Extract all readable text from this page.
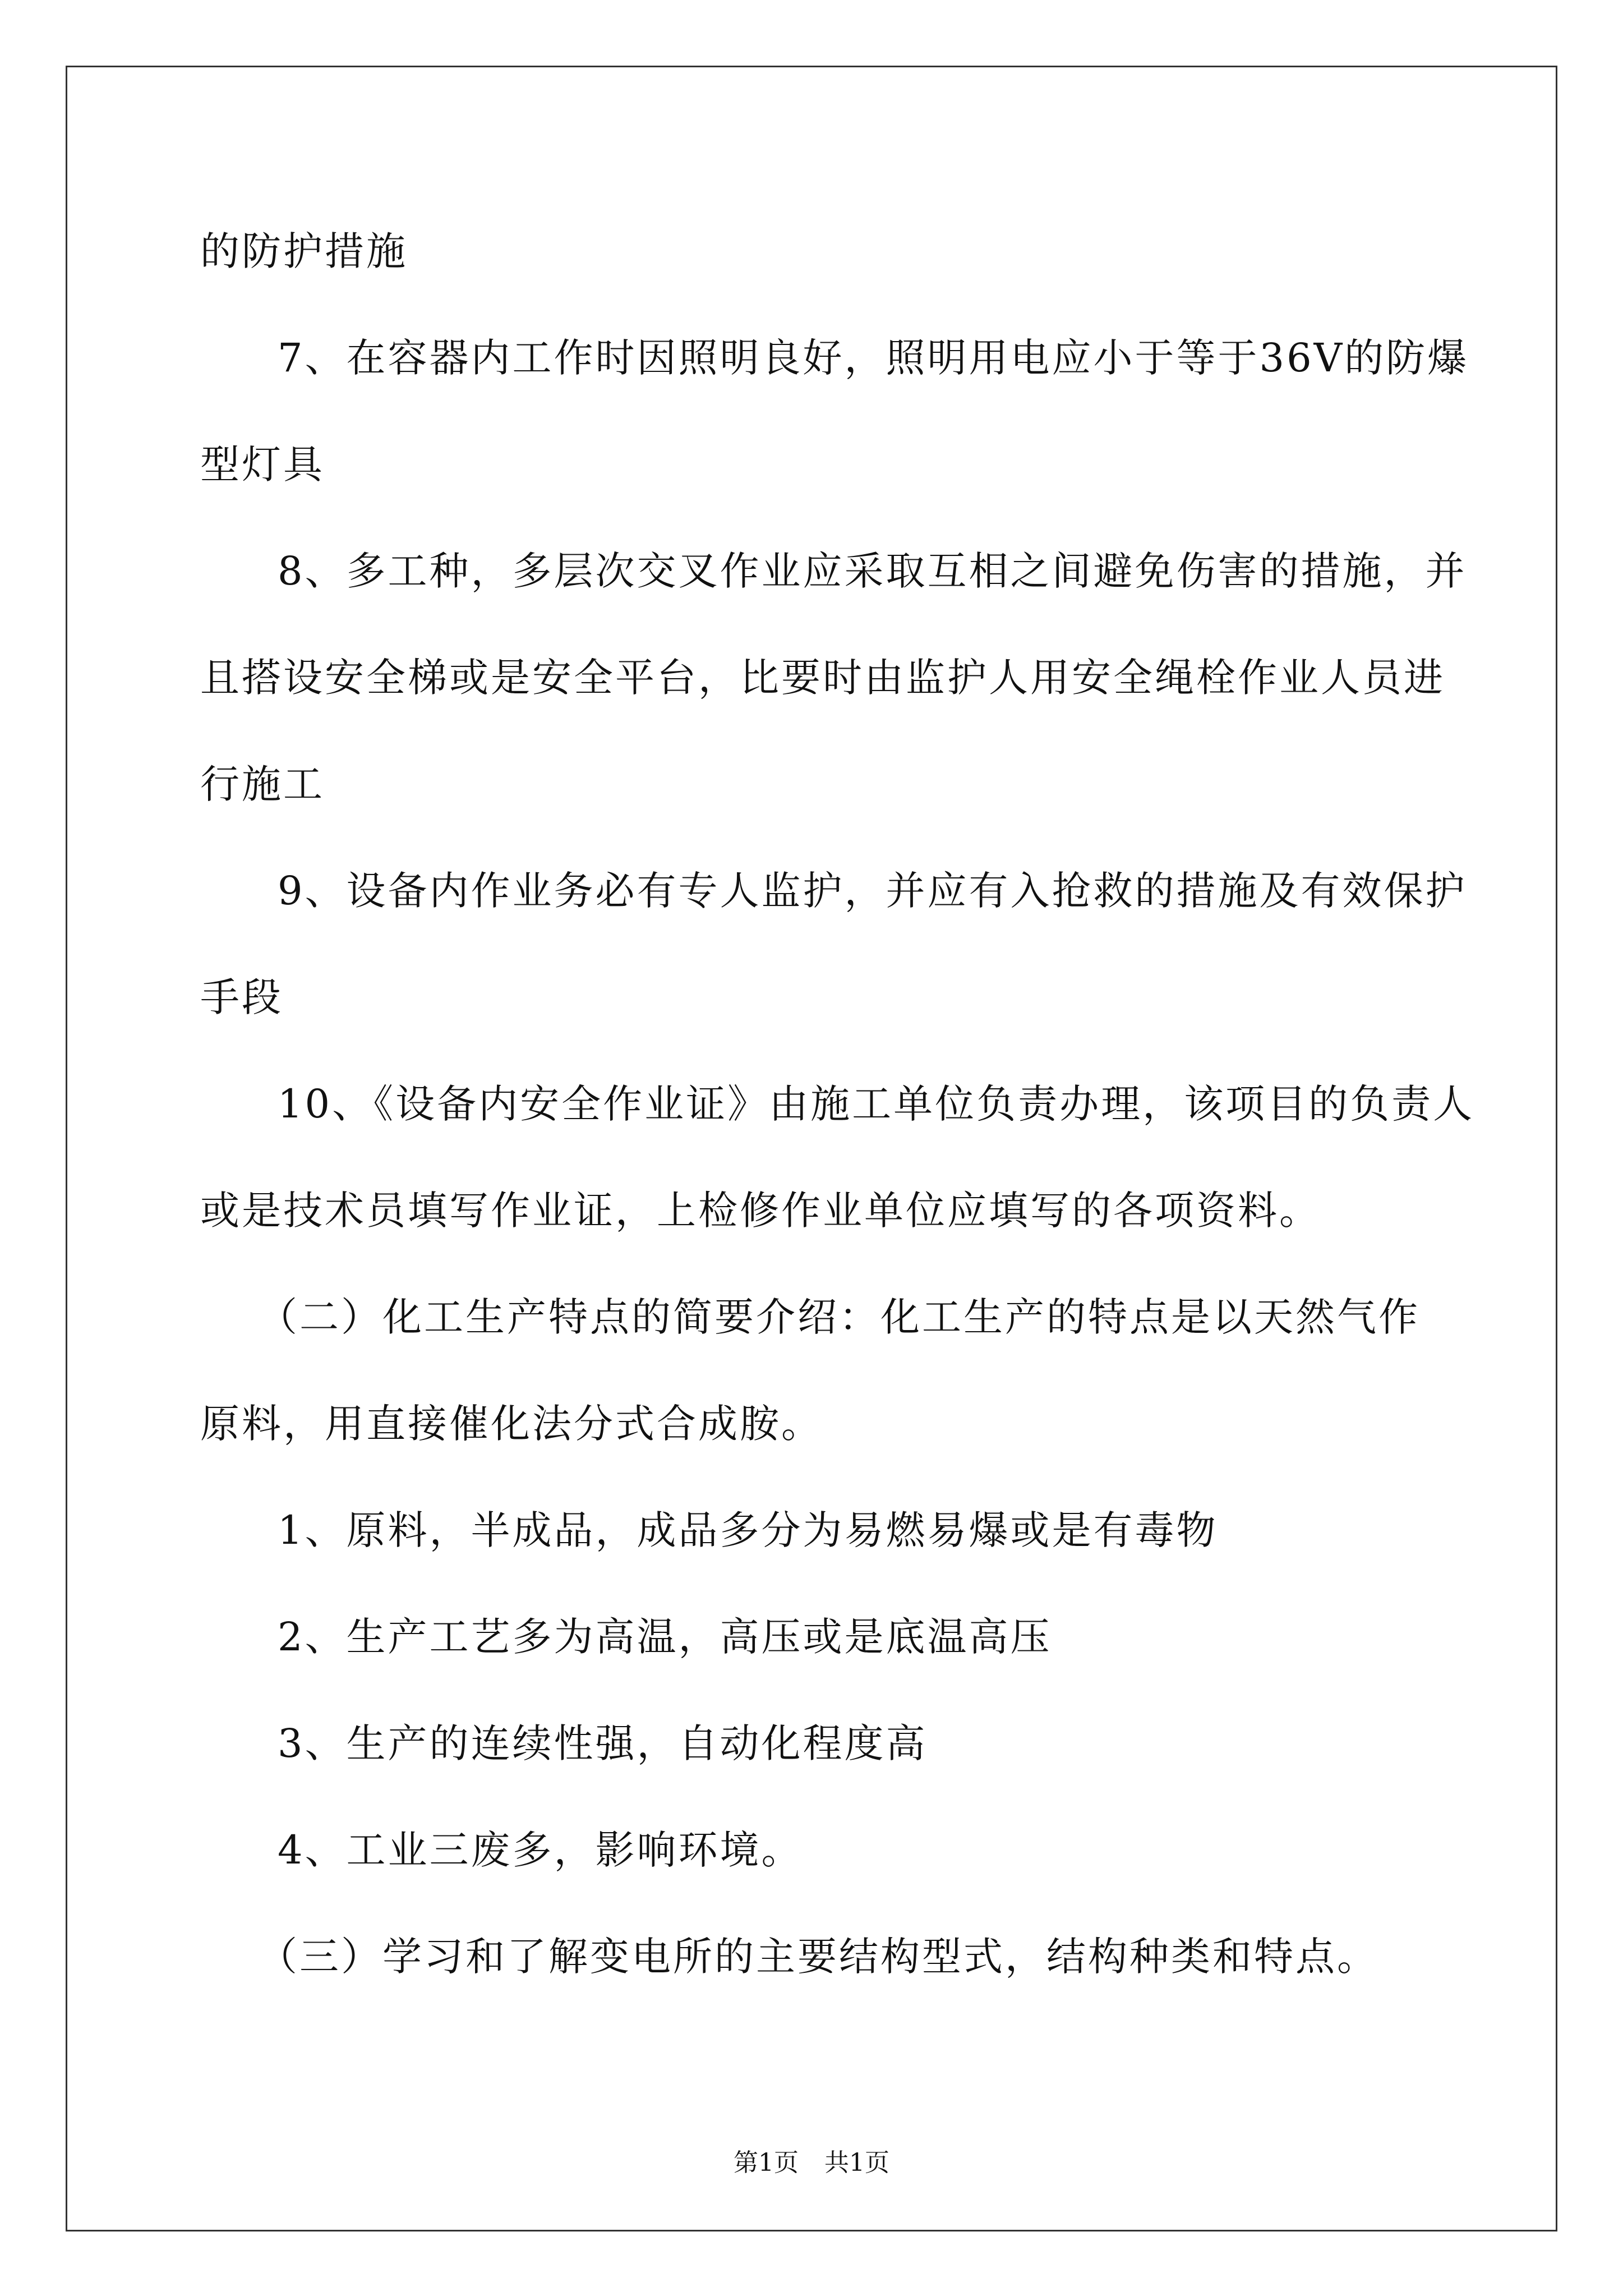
的防护措施
7、在容器内工作时因照明良好，照明用电应小于等于36V的防爆
型灯具
8、多工种，多层次交叉作业应采取互相之间避免伤害的措施，并
且搭设安全梯或是安全平台，比要时由监护人用安全绳栓作业人员进
行施工
9、设备内作业务必有专人监护，并应有入抢救的措施及有效保护
手段
10、《设备内安全作业证》由施工单位负责办理，该项目的负责人
或是技术员填写作业证，上检修作业单位应填写的各项资料。
（二）化工生产特点的简要介绍：化工生产的特点是以天然气作
原料，用直接催化法分式合成胺。
1、原料，半成品，成品多分为易燃易爆或是有毒物
2、生产工艺多为高温，高压或是底温高压
3、生产的连续性强，自动化程度高
4、工业三废多，影响环境。
（三）学习和了解变电所的主要结构型式，结构种类和特点。
第1页 共1页
